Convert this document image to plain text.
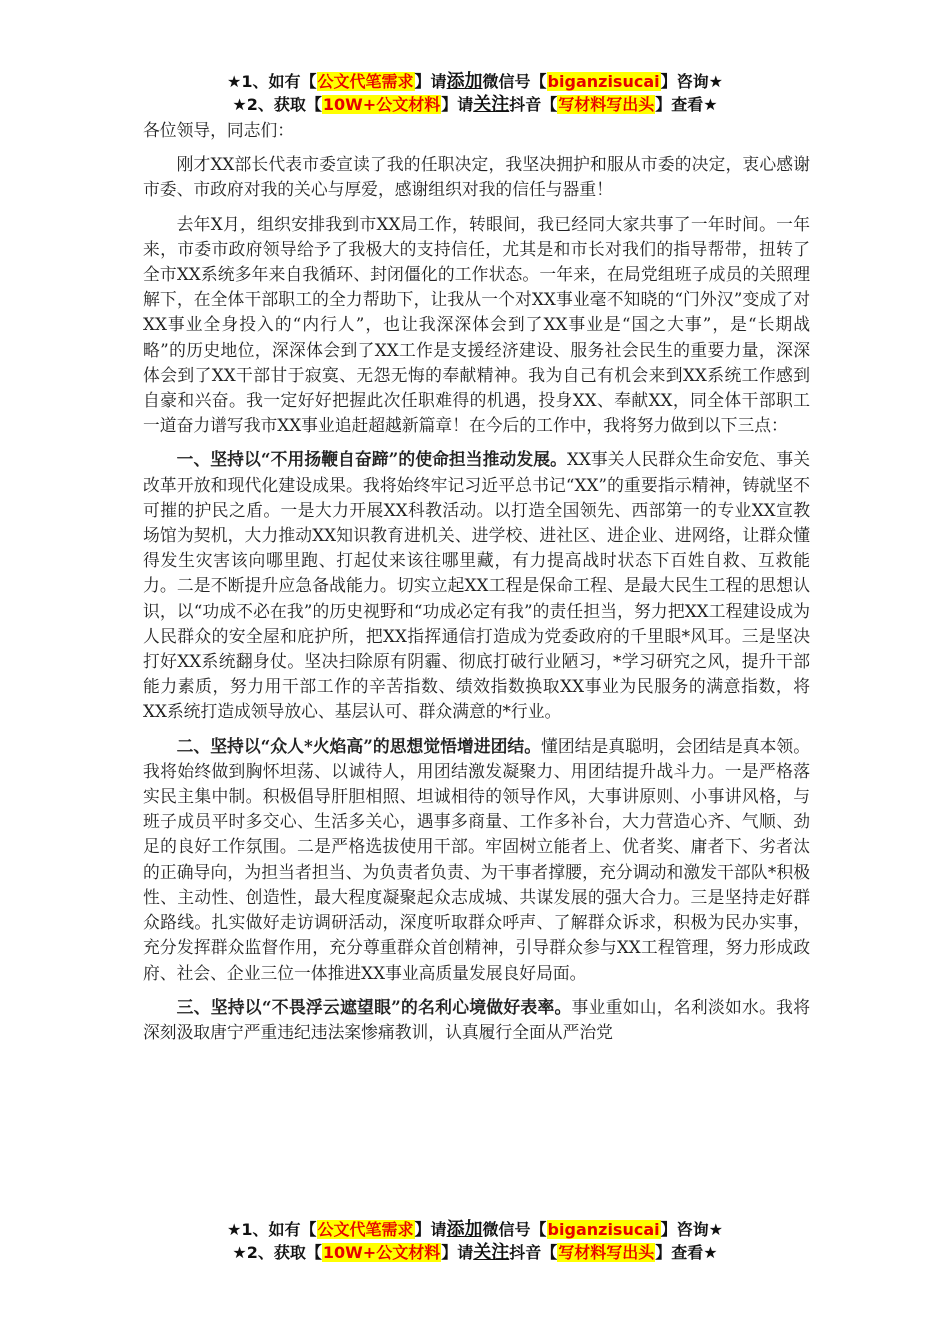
★1、如有【公文代笔需求】请添加微信号【biganzisucai】咨询★
★2、获取【10W+公文材料】请关注抖音【写材料写出头】查看★

各位领导，同志们：

刚才XX部长代表市委宣读了我的任职决定，我坚决拥护和服从市委的决定，衷心感谢市委、市政府对我的关心与厚爱，感谢组织对我的信任与器重！

去年X月，组织安排我到市XX局工作，转眼间，我已经同大家共事了一年时间。一年来，市委市政府领导给予了我极大的支持信任，尤其是和市长对我们的指导帮带，扭转了全市XX系统多年来自我循环、封闭僵化的工作状态。一年来，在局党组班子成员的关照理解下，在全体干部职工的全力帮助下，让我从一个对XX事业毫不知晓的“门外汉”变成了对XX事业全身投入的“内行人”，也让我深深体会到了XX事业是“国之大事”，是“长期战略”的历史地位，深深体会到了XX工作是支援经济建设、服务社会民生的重要力量，深深体会到了XX干部甘于寂寞、无怨无悔的奉献精神。我为自己有机会来到XX系统工作感到自豪和兴奋。我一定好好把握此次任职难得的机遇，投身XX、奉献XX，同全体干部职工一道奋力谱写我市XX事业追赶超越新篇章！在今后的工作中，我将努力做到以下三点：

一、坚持以“不用扬鞭自奋蹄”的使命担当推动发展。XX事关人民群众生命安危、事关改革开放和现代化建设成果。我将始终牢记习近平总书记“XX”的重要指示精神，铸就坚不可摧的护民之盾。一是大力开展XX科教活动。以打造全国领先、西部第一的专业XX宣教场馆为契机，大力推动XX知识教育进机关、进学校、进社区、进企业、进网络，让群众懂得发生灾害该向哪里跑、打起仗来该往哪里藏，有力提高战时状态下百姓自救、互救能力。二是不断提升应急备战能力。切实立起XX工程是保命工程、是最大民生工程的思想认识，以“功成不必在我”的历史视野和“功成必定有我”的责任担当，努力把XX工程建设成为人民群众的安全屋和庇护所，把XX指挥通信打造成为党委政府的千里眼*风耳。三是坚决打好XX系统翻身仗。坚决扫除原有阴霾、彻底打破行业陋习，*学习研究之风，提升干部能力素质，努力用干部工作的辛苦指数、绩效指数换取XX事业为民服务的满意指数，将XX系统打造成领导放心、基层认可、群众满意的*行业。

二、坚持以“众人*火焰高”的思想觉悟增进团结。懂团结是真聪明，会团结是真本领。我将始终做到胸怀坦荡、以诚待人，用团结激发凝聚力、用团结提升战斗力。一是严格落实民主集中制。积极倡导肝胆相照、坦诚相待的领导作风，大事讲原则、小事讲风格，与班子成员平时多交心、生活多关心，遇事多商量、工作多补台，大力营造心齐、气顺、劲足的良好工作氛围。二是严格选拔使用干部。牢固树立能者上、优者奖、庸者下、劣者汰的正确导向，为担当者担当、为负责者负责、为干事者撑腰，充分调动和激发干部队*积极性、主动性、创造性，最大程度凝聚起众志成城、共谋发展的强大合力。三是坚持走好群众路线。扎实做好走访调研活动，深度听取群众呼声、了解群众诉求，积极为民办实事，充分发挥群众监督作用，充分尊重群众首创精神，引导群众参与XX工程管理，努力形成政府、社会、企业三位一体推进XX事业高质量发展良好局面。

三、坚持以“不畏浮云遮望眼”的名利心境做好表率。事业重如山，名利淡如水。我将深刻汲取唐宁严重违纪违法案惨痛教训，认真履行全面从严治党

★1、如有【公文代笔需求】请添加微信号【biganzisucai】咨询★
★2、获取【10W+公文材料】请关注抖音【写材料写出头】查看★
